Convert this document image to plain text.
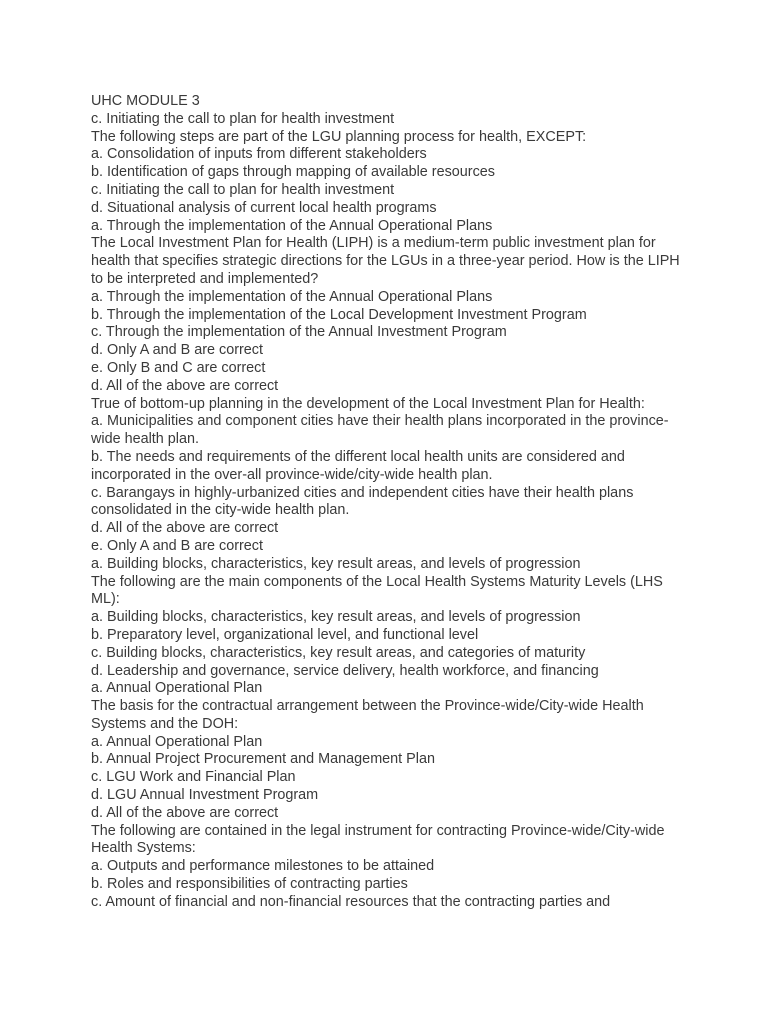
UHC MODULE 3

c. Initiating the call to plan for health investment

The following steps are part of the LGU planning process for health, EXCEPT:

a. Consolidation of inputs from different stakeholders

b. Identification of gaps through mapping of available resources

c. Initiating the call to plan for health investment

d. Situational analysis of current local health programs

a. Through the implementation of the Annual Operational Plans

The Local Investment Plan for Health (LIPH) is a medium-term public investment plan for health that specifies strategic directions for the LGUs in a three-year period. How is the LIPH to be interpreted and implemented?

a. Through the implementation of the Annual Operational Plans

b. Through the implementation of the Local Development Investment Program

c. Through the implementation of the Annual Investment Program

d. Only A and B are correct

e. Only B and C are correct

d. All of the above are correct

True of bottom-up planning in the development of the Local Investment Plan for Health:

a. Municipalities and component cities have their health plans incorporated in the province-wide health plan.

b. The needs and requirements of the different local health units are considered and incorporated in the over-all province-wide/city-wide health plan.

c. Barangays in highly-urbanized cities and independent cities have their health plans consolidated in the city-wide health plan.

d. All of the above are correct

e. Only A and B are correct

a. Building blocks, characteristics, key result areas, and levels of progression

The following are the main components of the Local Health Systems Maturity Levels (LHS ML):

a. Building blocks, characteristics, key result areas, and levels of progression

b. Preparatory level, organizational level, and functional level

c. Building blocks, characteristics, key result areas, and categories of maturity

d. Leadership and governance, service delivery, health workforce, and financing

a. Annual Operational Plan

The basis for the contractual arrangement between the Province-wide/City-wide Health Systems and the DOH:

a. Annual Operational Plan

b. Annual Project Procurement and Management Plan

c. LGU Work and Financial Plan

d. LGU Annual Investment Program

d. All of the above are correct

The following are contained in the legal instrument for contracting Province-wide/City-wide Health Systems:

a. Outputs and performance milestones to be attained

b. Roles and responsibilities of contracting parties

c. Amount of financial and non-financial resources that the contracting parties and
